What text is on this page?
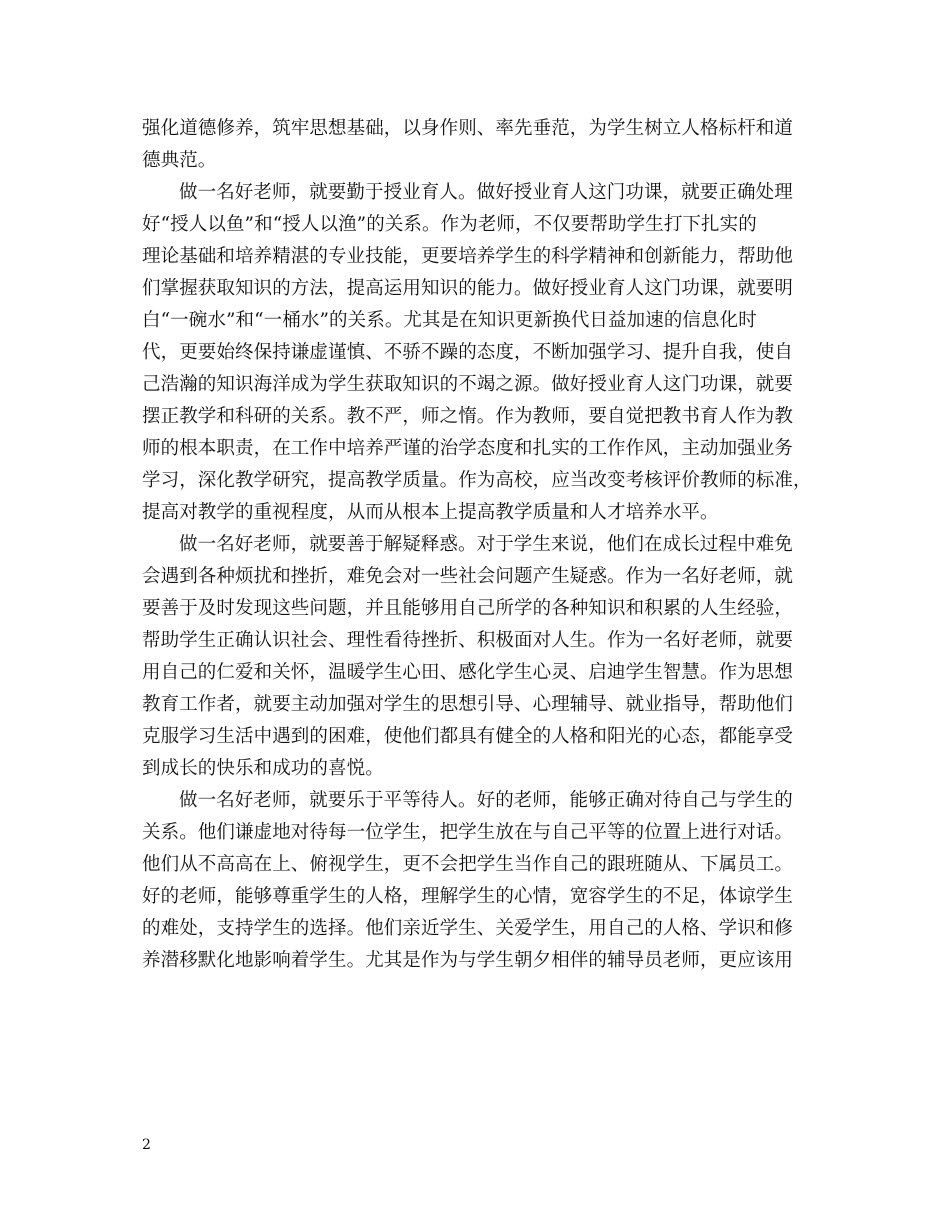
强化道德修养，筑牢思想基础，以身作则、率先垂范，为学生树立人格标杆和道
德典范。
做一名好老师，就要勤于授业育人。做好授业育人这门功课，就要正确处理
好“授人以鱼”和“授人以渔”的关系。作为老师，不仅要帮助学生打下扎实的
理论基础和培养精湛的专业技能，更要培养学生的科学精神和创新能力，帮助他
们掌握获取知识的方法，提高运用知识的能力。做好授业育人这门功课，就要明
白“一碗水”和“一桶水”的关系。尤其是在知识更新换代日益加速的信息化时
代，更要始终保持谦虚谨慎、不骄不躁的态度，不断加强学习、提升自我，使自
己浩瀚的知识海洋成为学生获取知识的不竭之源。做好授业育人这门功课，就要
摆正教学和科研的关系。教不严，师之惰。作为教师，要自觉把教书育人作为教
师的根本职责，在工作中培养严谨的治学态度和扎实的工作作风，主动加强业务
学习，深化教学研究，提高教学质量。作为高校，应当改变考核评价教师的标准，
提高对教学的重视程度，从而从根本上提高教学质量和人才培养水平。
做一名好老师，就要善于解疑释惑。对于学生来说，他们在成长过程中难免
会遇到各种烦扰和挫折，难免会对一些社会问题产生疑惑。作为一名好老师，就
要善于及时发现这些问题，并且能够用自己所学的各种知识和积累的人生经验，
帮助学生正确认识社会、理性看待挫折、积极面对人生。作为一名好老师，就要
用自己的仁爱和关怀，温暖学生心田、感化学生心灵、启迪学生智慧。作为思想
教育工作者，就要主动加强对学生的思想引导、心理辅导、就业指导，帮助他们
克服学习生活中遇到的困难，使他们都具有健全的人格和阳光的心态，都能享受
到成长的快乐和成功的喜悦。
做一名好老师，就要乐于平等待人。好的老师，能够正确对待自己与学生的
关系。他们谦虚地对待每一位学生，把学生放在与自己平等的位置上进行对话。
他们从不高高在上、俯视学生，更不会把学生当作自己的跟班随从、下属员工。
好的老师，能够尊重学生的人格，理解学生的心情，宽容学生的不足，体谅学生
的难处，支持学生的选择。他们亲近学生、关爱学生，用自己的人格、学识和修
养潜移默化地影响着学生。尤其是作为与学生朝夕相伴的辅导员老师，更应该用
2
